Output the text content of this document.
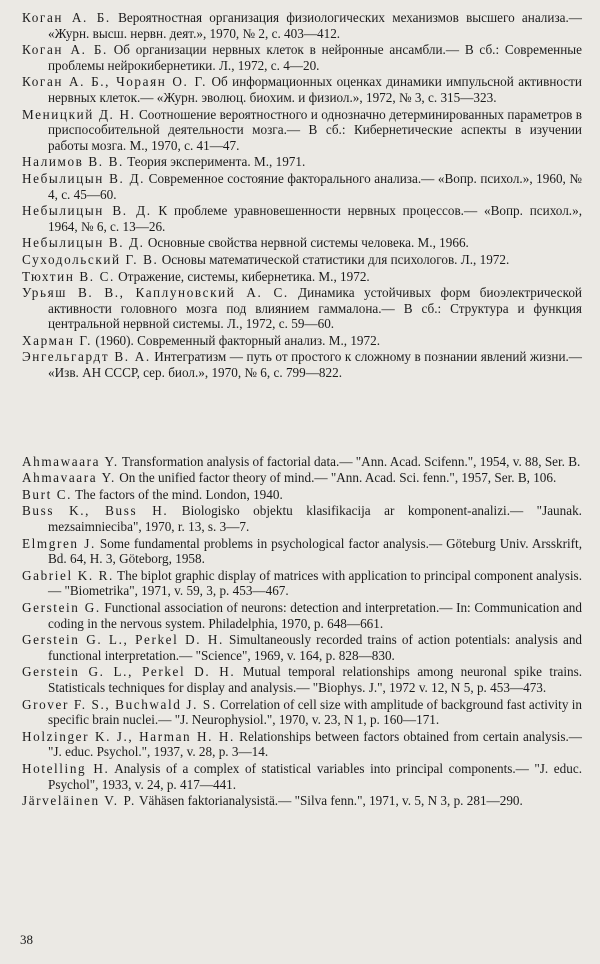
Коган А. Б. Вероятностная организация физиологических механизмов высшего анализа.— «Журн. высш. нервн. деят.», 1970, № 2, с. 403—412.

Коган А. Б. Об организации нервных клеток в нейронные ансамбли.— В сб.: Современные проблемы нейрокибернетики. Л., 1972, с. 4—20.

Коган А. Б., Чораян О. Г. Об информационных оценках динамики импульсной активности нервных клеток.— «Журн. эволюц. биохим. и физиол.», 1972, № 3, с. 315—323.

Меницкий Д. Н. Соотношение вероятностного и однозначно детерминированных параметров в приспособительной деятельности мозга.— В сб.: Кибернетические аспекты в изучении работы мозга. М., 1970, с. 41—47.

Налимов В. В. Теория эксперимента. М., 1971.

Небылицын В. Д. Современное состояние факторального анализа.— «Вопр. психол.», 1960, № 4, с. 45—60.

Небылицын В. Д. К проблеме уравновешенности нервных процессов.— «Вопр. психол.», 1964, № 6, с. 13—26.

Небылицын В. Д. Основные свойства нервной системы человека. М., 1966.

Суходольский Г. В. Основы математической статистики для психологов. Л., 1972.

Тюхтин В. С. Отражение, системы, кибернетика. М., 1972.

Урьяш В. В., Каплуновский А. С. Динамика устойчивых форм биоэлектрической активности головного мозга под влиянием гаммалона.— В сб.: Структура и функция центральной нервной системы. Л., 1972, с. 59—60.

Харман Г. (1960). Современный факторный анализ. М., 1972.

Энгельгардт В. А. Интегратизм — путь от простого к сложному в познании явлений жизни.— «Изв. АН СССР, сер. биол.», 1970, № 6, с. 799—822.

Ahmawaara Y. Transformation analysis of factorial data.— "Ann. Acad. Scifenn.", 1954, v. 88, Ser. B.

Ahmavaara Y. On the unified factor theory of mind.— "Ann. Acad. Sci. fenn.", 1957, Ser. B, 106.

Burt C. The factors of the mind. London, 1940.

Buss K., Buss H. Biologisko objektu klasifikacija ar komponent-analizi.— "Jaunak. mezsaimnieciba", 1970, r. 13, s. 3—7.

Elmgren J. Some fundamental problems in psychological factor analysis.— Göteburg Univ. Arsskrift, Bd. 64, H. 3, Göteborg, 1958.

Gabriel K. R. The biplot graphic display of matrices with application to principal component analysis.— "Biometrika", 1971, v. 59, 3, p. 453—467.

Gerstein G. Functional association of neurons: detection and interpretation.— In: Communication and coding in the nervous system. Philadelphia, 1970, p. 648—661.

Gerstein G. L., Perkel D. H. Simultaneously recorded trains of action potentials: analysis and functional interpretation.— "Science", 1969, v. 164, p. 828—830.

Gerstein G. L., Perkel D. H. Mutual temporal relationships among neuronal spike trains. Statisticals techniques for display and analysis.— "Biophys. J.", 1972 v. 12, N 5, p. 453—473.

Grover F. S., Buchwald J. S. Correlation of cell size with amplitude of background fast activity in specific brain nuclei.— "J. Neurophysiol.", 1970, v. 23, N 1, p. 160—171.

Holzinger K. J., Harman H. H. Relationships between factors obtained from certain analysis.— "J. educ. Psychol.", 1937, v. 28, p. 3—14.

Hotelling H. Analysis of a complex of statistical variables into principal components.— "J. educ. Psychol", 1933, v. 24, p. 417—441.

Järveläinen V. P. Vähäsen faktorianalysistä.— "Silva fenn.", 1971, v. 5, N 3, p. 281—290.

38
